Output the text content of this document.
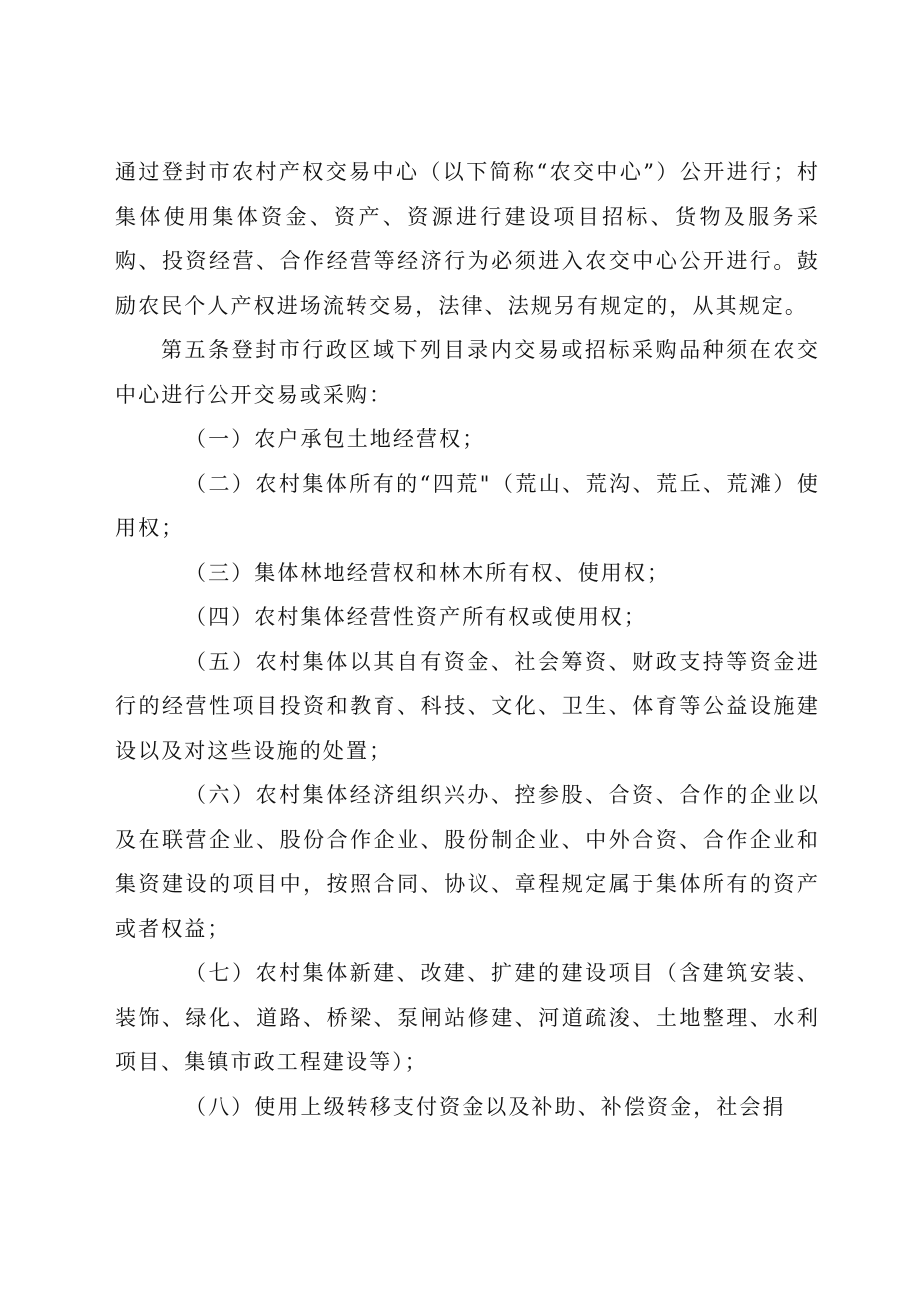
通过登封市农村产权交易中心（以下简称“农交中心”）公开进行；村集体使用集体资金、资产、资源进行建设项目招标、货物及服务采购、投资经营、合作经营等经济行为必须进入农交中心公开进行。鼓励农民个人产权进场流转交易，法律、法规另有规定的，从其规定。

第五条登封市行政区域下列目录内交易或招标采购品种须在农交中心进行公开交易或采购：

（一）农户承包土地经营权；

（二）农村集体所有的“四荒"（荒山、荒沟、荒丘、荒滩）使用权；

（三）集体林地经营权和林木所有权、使用权；

（四）农村集体经营性资产所有权或使用权；

（五）农村集体以其自有资金、社会筹资、财政支持等资金进行的经营性项目投资和教育、科技、文化、卫生、体育等公益设施建设以及对这些设施的处置；

（六）农村集体经济组织兴办、控参股、合资、合作的企业以及在联营企业、股份合作企业、股份制企业、中外合资、合作企业和集资建设的项目中，按照合同、协议、章程规定属于集体所有的资产或者权益；

（七）农村集体新建、改建、扩建的建设项目（含建筑安装、装饰、绿化、道路、桥梁、泵闸站修建、河道疏浚、土地整理、水利项目、集镇市政工程建设等）；

（八）使用上级转移支付资金以及补助、补偿资金，社会捐
